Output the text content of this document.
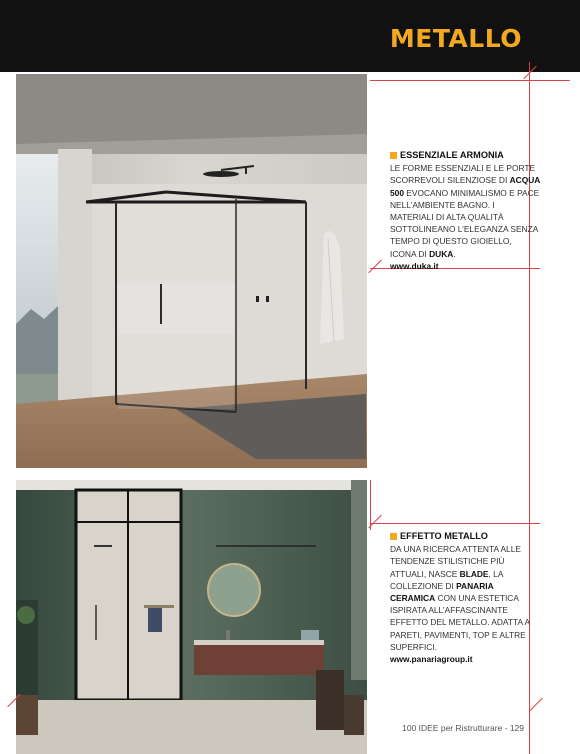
METALLO
ESSENZIALE ARMONIA
LE FORME ESSENZIALI E LE PORTE SCORREVOLI SILENZIOSE DI ACQUA 500 EVOCANO MINIMALISMO E PACE NELL’AMBIENTE BAGNO. I MATERIALI DI ALTA QUALITÀ SOTTOLINEANO L’ELEGANZA SENZA TEMPO DI QUESTO GIOIELLO, ICONA DI DUKA.
www.duka.it
EFFETTO METALLO
DA UNA RICERCA ATTENTA ALLE TENDENZE STILISTICHE PIÙ ATTUALI, NASCE BLADE, LA COLLEZIONE DI PANARIA CERAMICA CON UNA ESTETICA ISPIRATA ALL’AFFASCINANTE EFFETTO DEL METALLO. ADATTA A PARETI, PAVIMENTI, TOP E ALTRE SUPERFICI.
www.panariagroup.it
100 IDEE per Ristrutturare - 129
